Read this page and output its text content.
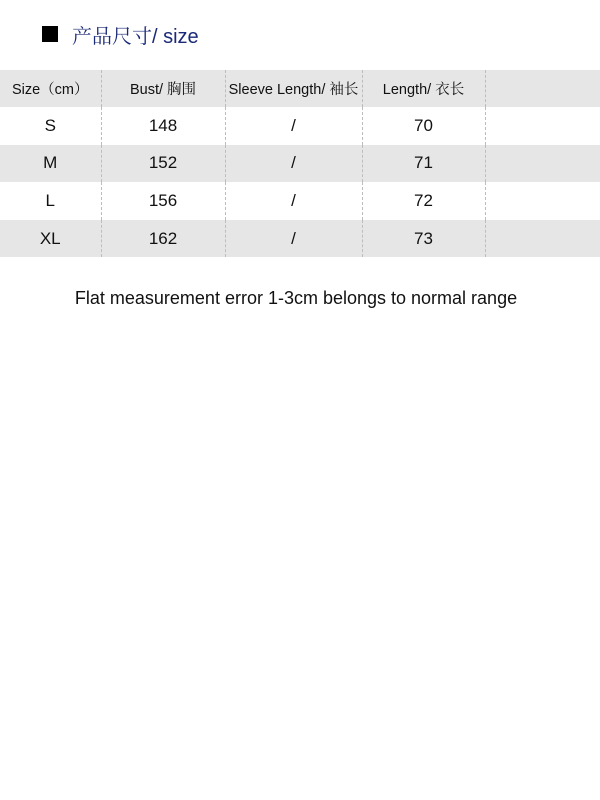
产品尺寸/ size
Size（cm）	Bust/ 胸围	Sleeve Length/ 袖长	Length/ 衣长	
S	148	/	70	
M	152	/	71	
L	156	/	72	
XL	162	/	73	
Flat measurement error 1-3cm belongs to normal range
